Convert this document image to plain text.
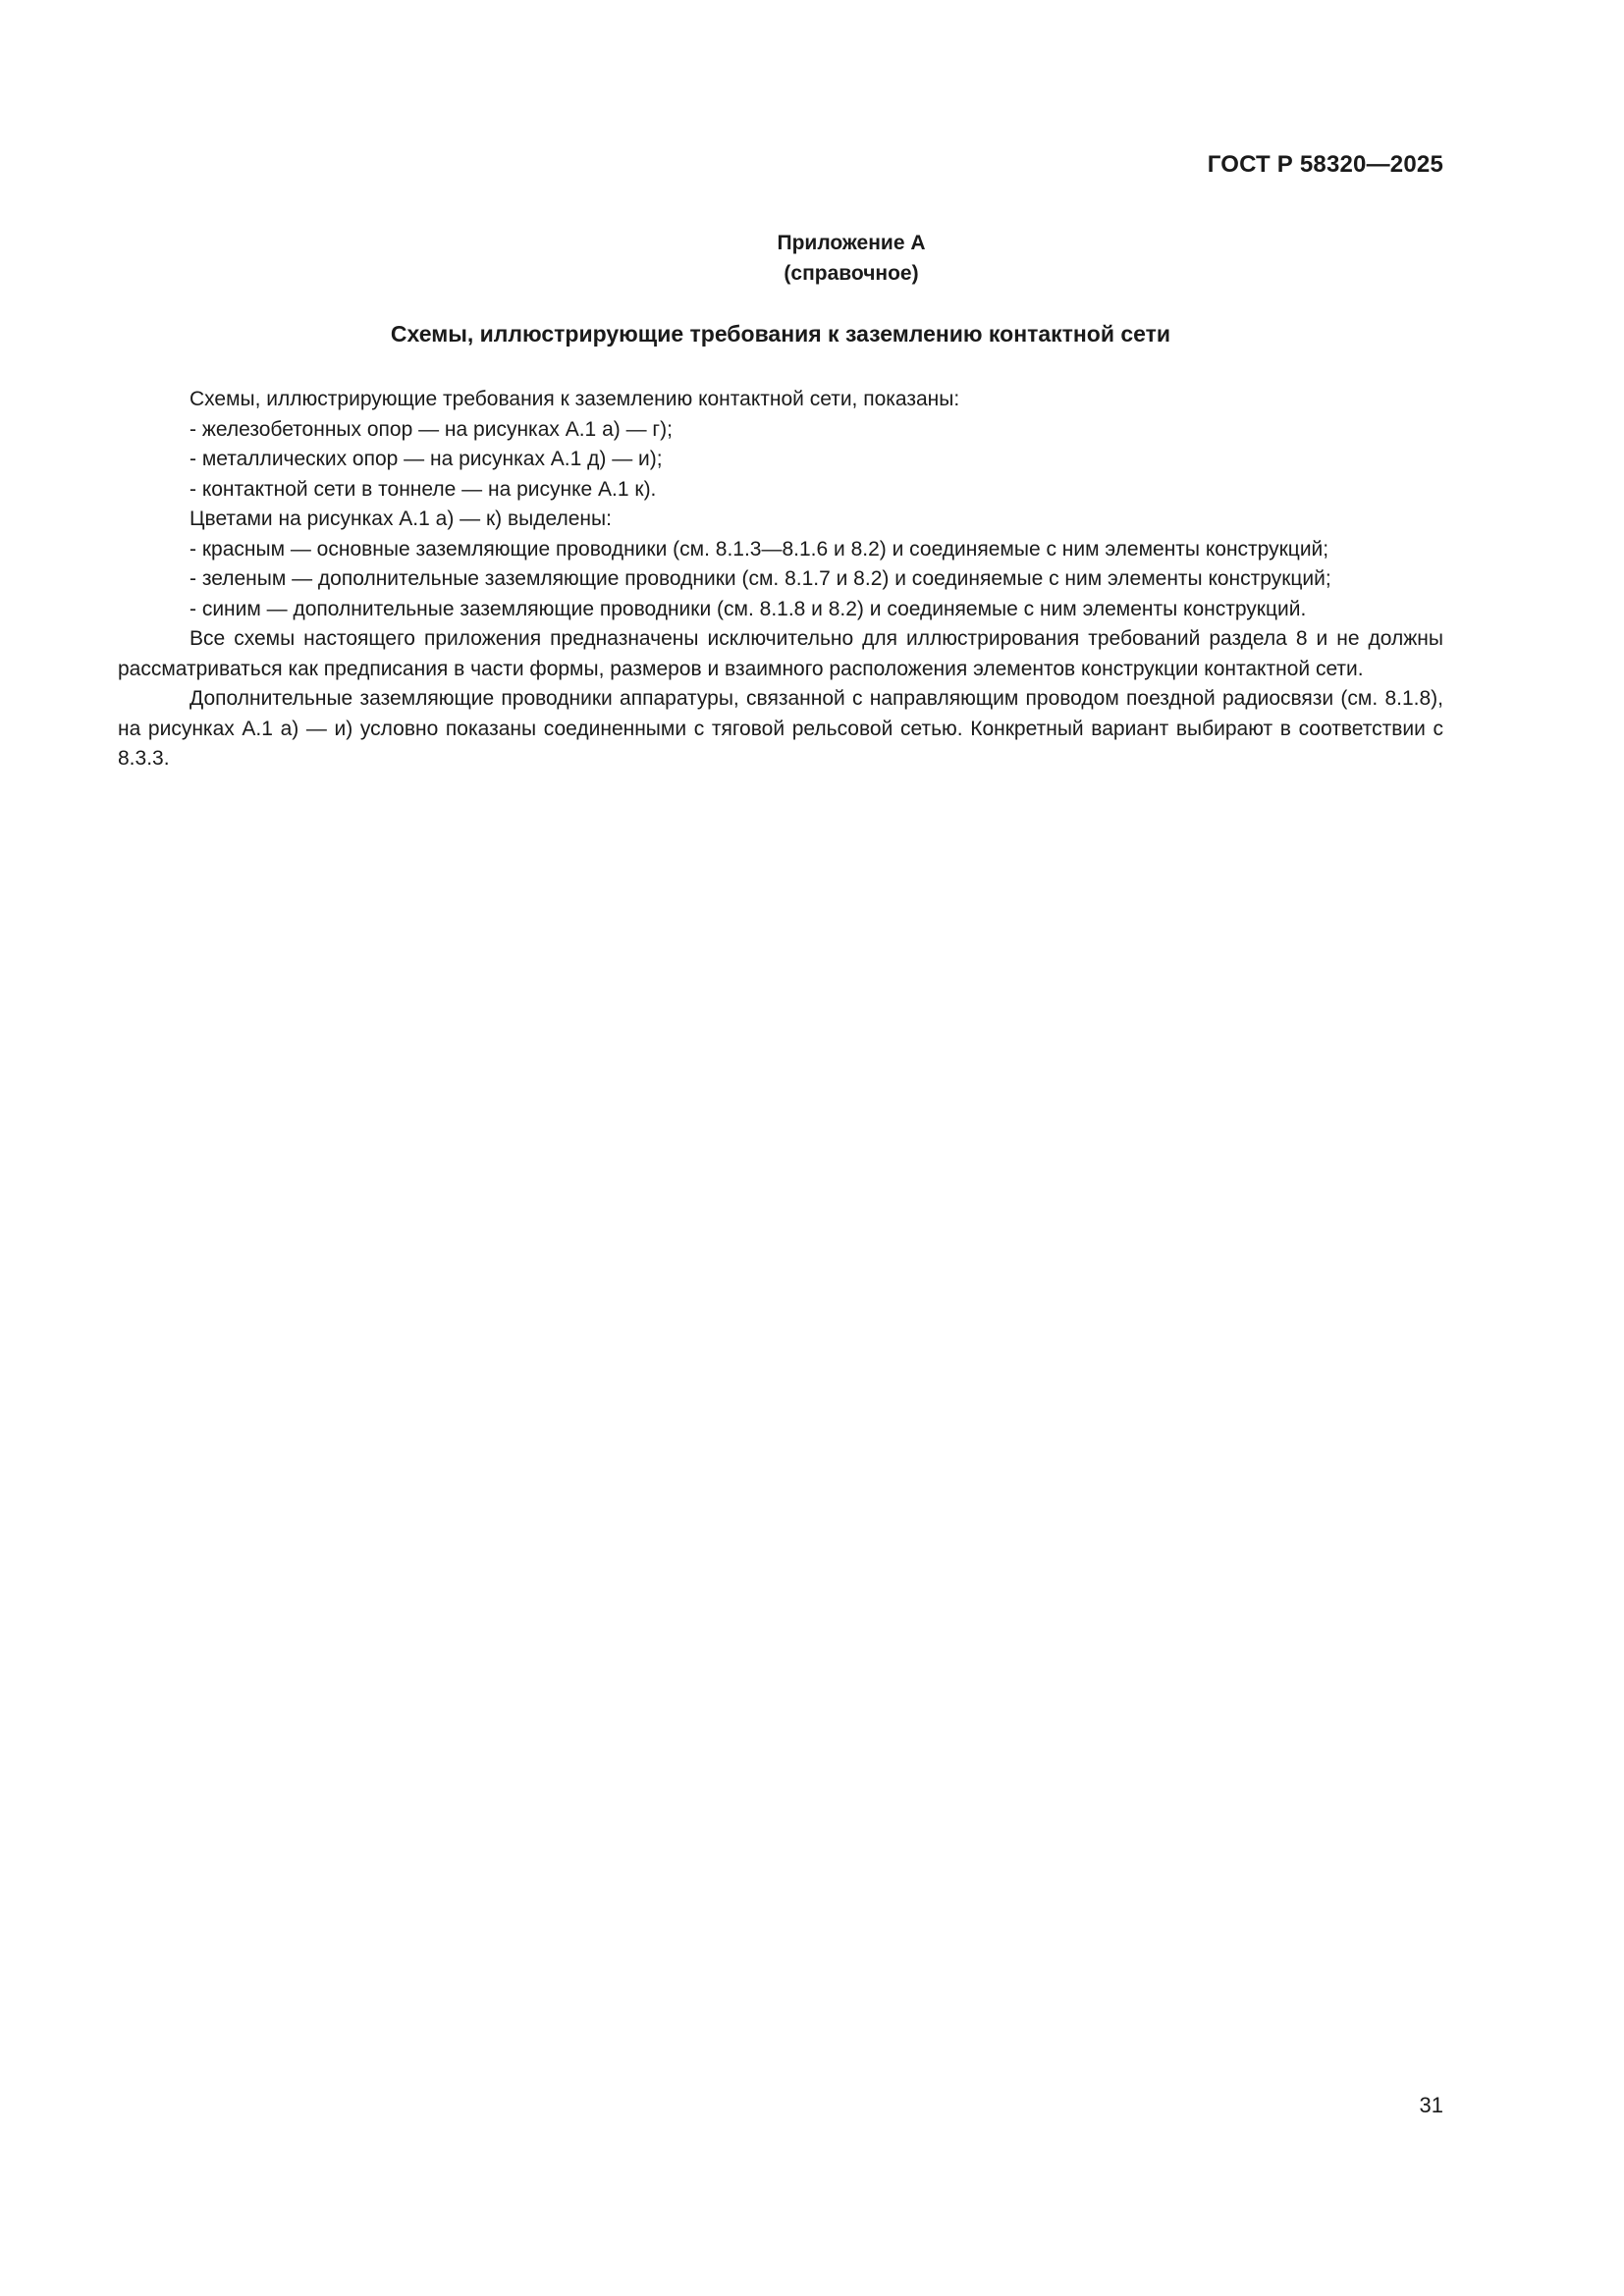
ГОСТ Р 58320—2025
Приложение А
(справочное)
Схемы, иллюстрирующие требования к заземлению контактной сети

Схемы, иллюстрирующие требования к заземлению контактной сети, показаны:

- железобетонных опор — на рисунках А.1 а) — г);

- металлических опор — на рисунках А.1 д) — и);

- контактной сети в тоннеле — на рисунке А.1 к).

Цветами на рисунках А.1 а) — к) выделены:

- красным — основные заземляющие проводники (см. 8.1.3—8.1.6 и 8.2) и соединяемые с ним элементы конструкций;

- зеленым — дополнительные заземляющие проводники (см. 8.1.7 и 8.2) и соединяемые с ним элементы конструкций;

- синим — дополнительные заземляющие проводники (см. 8.1.8 и 8.2) и соединяемые с ним элементы конструкций.

Все схемы настоящего приложения предназначены исключительно для иллюстрирования требований раздела 8 и не должны рассматриваться как предписания в части формы, размеров и взаимного расположения элементов конструкции контактной сети.

Дополнительные заземляющие проводники аппаратуры, связанной с направляющим проводом поездной радиосвязи (см. 8.1.8), на рисунках А.1 а) — и) условно показаны соединенными с тяговой рельсовой сетью. Конкретный вариант выбирают в соответствии с 8.3.3.

31
